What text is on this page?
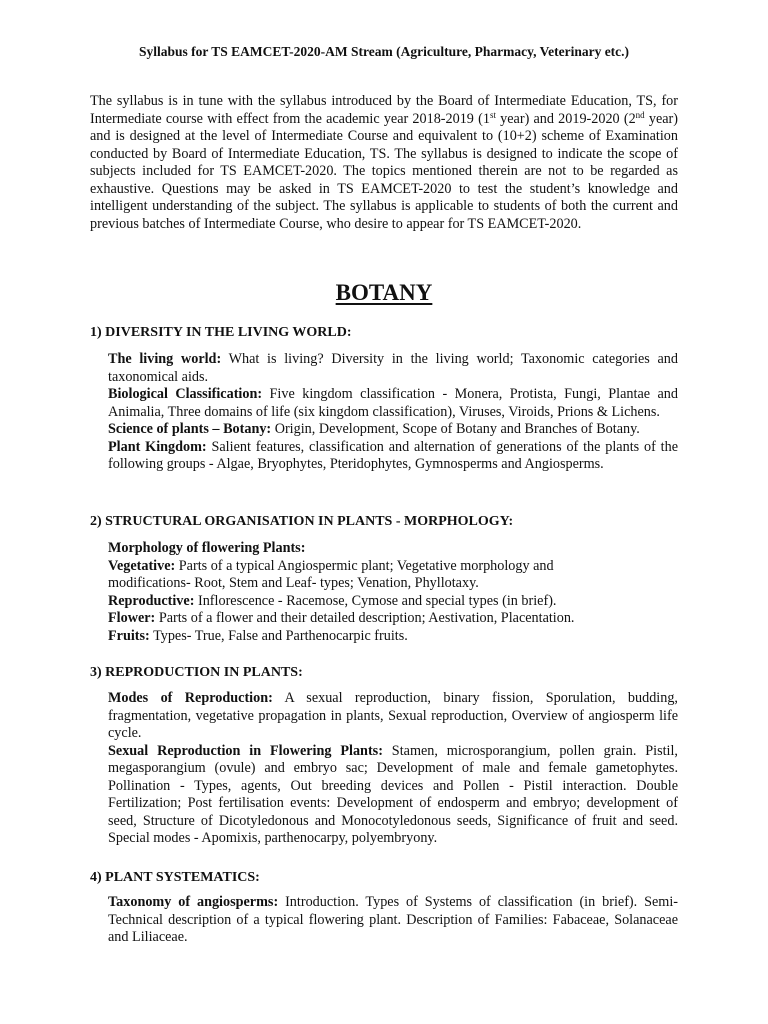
Syllabus for TS EAMCET-2020-AM Stream (Agriculture, Pharmacy, Veterinary etc.)

The syllabus is in tune with the syllabus introduced by the Board of Intermediate Education, TS, for Intermediate course with effect from the academic year 2018-2019 (1st year) and 2019-2020 (2nd year) and is designed at the level of Intermediate Course and equivalent to (10+2) scheme of Examination conducted by Board of Intermediate Education, TS. The syllabus is designed to indicate the scope of subjects included for TS EAMCET-2020. The topics mentioned therein are not to be regarded as exhaustive. Questions may be asked in TS EAMCET-2020 to test the student’s knowledge and intelligent understanding of the subject. The syllabus is applicable to students of both the current and previous batches of Intermediate Course, who desire to appear for TS EAMCET-2020.

BOTANY
1) DIVERSITY IN THE LIVING WORLD:

The living world: What is living? Diversity in the living world; Taxonomic categories and taxonomical aids.

Biological Classification: Five kingdom classification - Monera, Protista, Fungi, Plantae and Animalia, Three domains of life (six kingdom classification), Viruses, Viroids, Prions & Lichens.

Science of plants – Botany: Origin, Development, Scope of Botany and Branches of Botany.

Plant Kingdom: Salient features, classification and alternation of generations of the plants of the following groups - Algae, Bryophytes, Pteridophytes, Gymnosperms and Angiosperms.

2) STRUCTURAL ORGANISATION IN PLANTS - MORPHOLOGY:

Morphology of flowering Plants:

Vegetative: Parts of a typical Angiospermic plant; Vegetative morphology and modifications- Root, Stem and Leaf- types; Venation, Phyllotaxy.

Reproductive: Inflorescence - Racemose, Cymose and special types (in brief).

Flower: Parts of a flower and their detailed description; Aestivation, Placentation.

Fruits: Types- True, False and Parthenocarpic fruits.

3) REPRODUCTION IN PLANTS:

Modes of Reproduction: A sexual reproduction, binary fission, Sporulation, budding, fragmentation, vegetative propagation in plants, Sexual reproduction, Overview of angiosperm life cycle.

Sexual Reproduction in Flowering Plants: Stamen, microsporangium, pollen grain. Pistil, megasporangium (ovule) and embryo sac; Development of male and female gametophytes. Pollination - Types, agents, Out breeding devices and Pollen - Pistil interaction. Double Fertilization; Post fertilisation events: Development of endosperm and embryo; development of seed, Structure of Dicotyledonous and Monocotyledonous seeds, Significance of fruit and seed. Special modes - Apomixis, parthenocarpy, polyembryony.

4) PLANT SYSTEMATICS:

Taxonomy of angiosperms: Introduction. Types of Systems of classification (in brief). Semi-Technical description of a typical flowering plant. Description of Families: Fabaceae, Solanaceae and Liliaceae.
